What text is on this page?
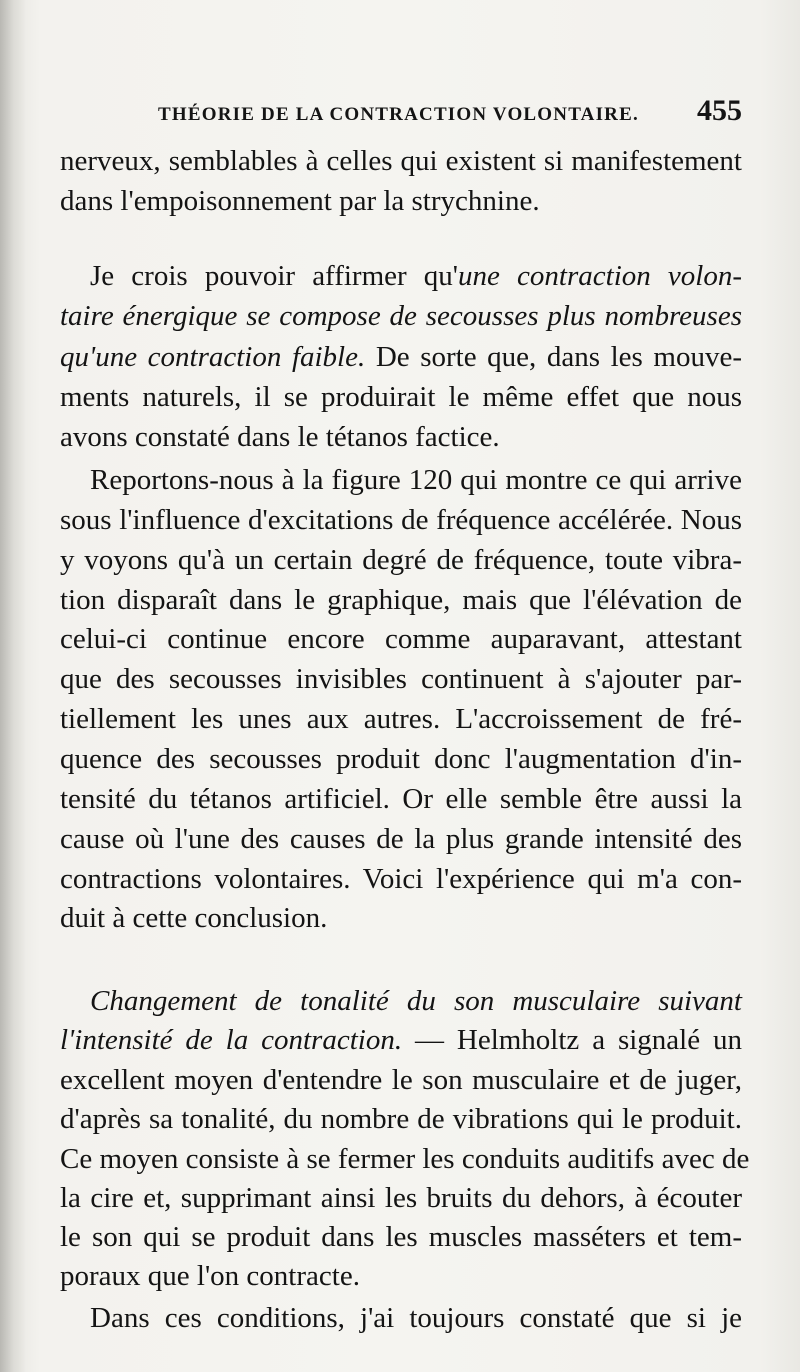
THÉORIE DE LA CONTRACTION VOLONTAIRE. 455
nerveux, semblables à celles qui existent si manifestement
dans l'empoisonnement par la strychnine.
Je crois pouvoir affirmer qu'une contraction volon-
taire énergique se compose de secousses plus nombreuses
qu'une contraction faible. De sorte que, dans les mouve-
ments naturels, il se produirait le même effet que nous
avons constaté dans le tétanos factice.
Reportons-nous à la figure 120 qui montre ce qui arrive
sous l'influence d'excitations de fréquence accélérée. Nous
y voyons qu'à un certain degré de fréquence, toute vibra-
tion disparaît dans le graphique, mais que l'élévation de
celui-ci continue encore comme auparavant, attestant
que des secousses invisibles continuent à s'ajouter par-
tiellement les unes aux autres. L'accroissement de fré-
quence des secousses produit donc l'augmentation d'in-
tensité du tétanos artificiel. Or elle semble être aussi la
cause où l'une des causes de la plus grande intensité des
contractions volontaires. Voici l'expérience qui m'a con-
duit à cette conclusion.
Changement de tonalité du son musculaire suivant
l'intensité de la contraction. — Helmholtz a signalé un
excellent moyen d'entendre le son musculaire et de juger,
d'après sa tonalité, du nombre de vibrations qui le produit.
Ce moyen consiste à se fermer les conduits auditifs avec de
la cire et, supprimant ainsi les bruits du dehors, à écouter
le son qui se produit dans les muscles masséters et tem-
poraux que l'on contracte.
Dans ces conditions, j'ai toujours constaté que si je
